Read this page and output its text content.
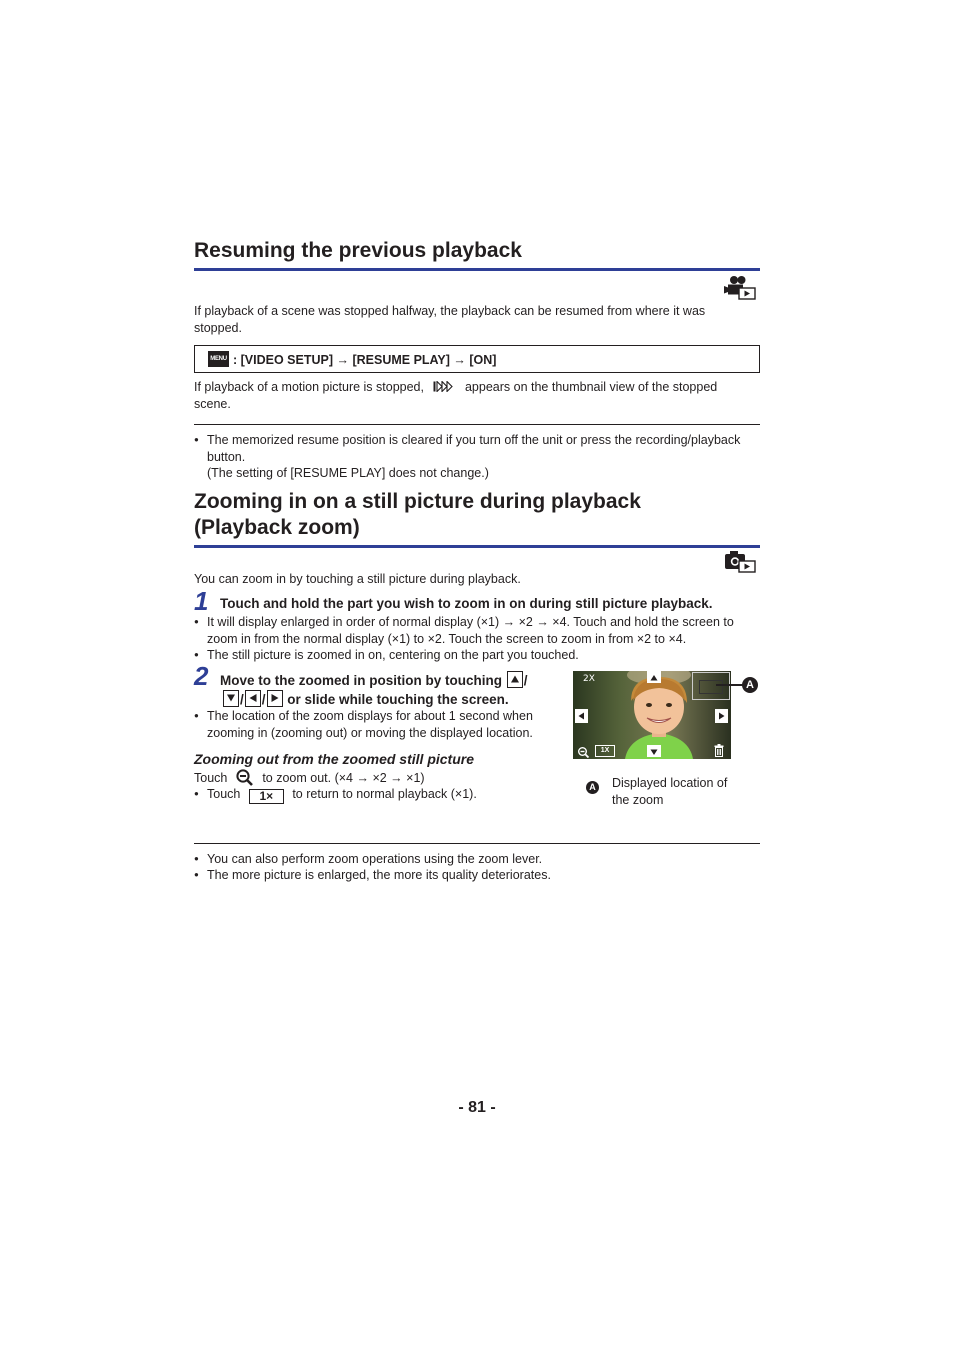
Resuming the previous playback
If playback of a scene was stopped halfway, the playback can be resumed from where it was stopped.
MENU : [VIDEO SETUP] → [RESUME PLAY] → [ON]
If playback of a motion picture is stopped,	appears on the thumbnail view of the stopped scene.
● The memorized resume position is cleared if you turn off the unit or press the recording/playback button.
(The setting of [RESUME PLAY] does not change.)
Zooming in on a still picture during playback
(Playback zoom)
You can zoom in by touching a still picture during playback.
1 Touch and hold the part you wish to zoom in on during still picture playback.
● It will display enlarged in order of normal display (×1) → ×2 → ×4. Touch and hold the screen to zoom in from the normal display (×1) to ×2. Touch the screen to zoom in from ×2 to ×4.
● The still picture is zoomed in on, centering on the part you touched.
2 Move to the zoomed in position by touching /

/ / or slide while touching the screen.
● The location of the zoom displays for about 1 second when zooming in (zooming out) or moving the displayed location.
Zooming out from the zoomed still picture
Touch	to zoom out. (×4 → ×2 → ×1)
● Touch 1× to return to normal playback (×1).
2X
1X
A
A Displayed location of
the zoom
● You can also perform zoom operations using the zoom lever.
● The more picture is enlarged, the more its quality deteriorates.
- 81 -
